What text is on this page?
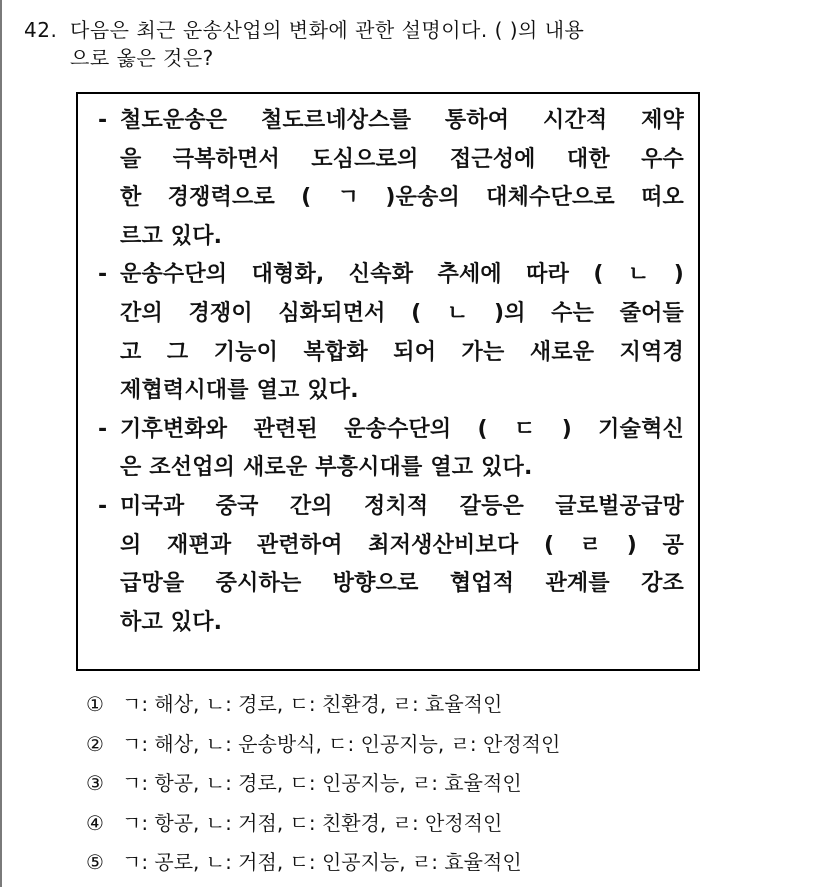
42. 다음은 최근 운송산업의 변화에 관한 설명이다. ( )의 내용
으로 옳은 것은?
- 철도운송은 철도르네상스를 통하여 시간적 제약
을 극복하면서 도심으로의 접근성에 대한 우수
한 경쟁력으로 ( ㄱ )운송의 대체수단으로 떠오
르고 있다.
- 운송수단의 대형화, 신속화 추세에 따라 ( ㄴ )
간의 경쟁이 심화되면서 ( ㄴ )의 수는 줄어들
고 그 기능이 복합화 되어 가는 새로운 지역경
제협력시대를 열고 있다.
- 기후변화와 관련된 운송수단의 ( ㄷ ) 기술혁신
은 조선업의 새로운 부흥시대를 열고 있다.
- 미국과 중국 간의 정치적 갈등은 글로벌공급망
의 재편과 관련하여 최저생산비보다 ( ㄹ ) 공
급망을 중시하는 방향으로 협업적 관계를 강조
하고 있다.
① ㄱ: 해상, ㄴ: 경로, ㄷ: 친환경, ㄹ: 효율적인
② ㄱ: 해상, ㄴ: 운송방식, ㄷ: 인공지능, ㄹ: 안정적인
③ ㄱ: 항공, ㄴ: 경로, ㄷ: 인공지능, ㄹ: 효율적인
④ ㄱ: 항공, ㄴ: 거점, ㄷ: 친환경, ㄹ: 안정적인
⑤ ㄱ: 공로, ㄴ: 거점, ㄷ: 인공지능, ㄹ: 효율적인
